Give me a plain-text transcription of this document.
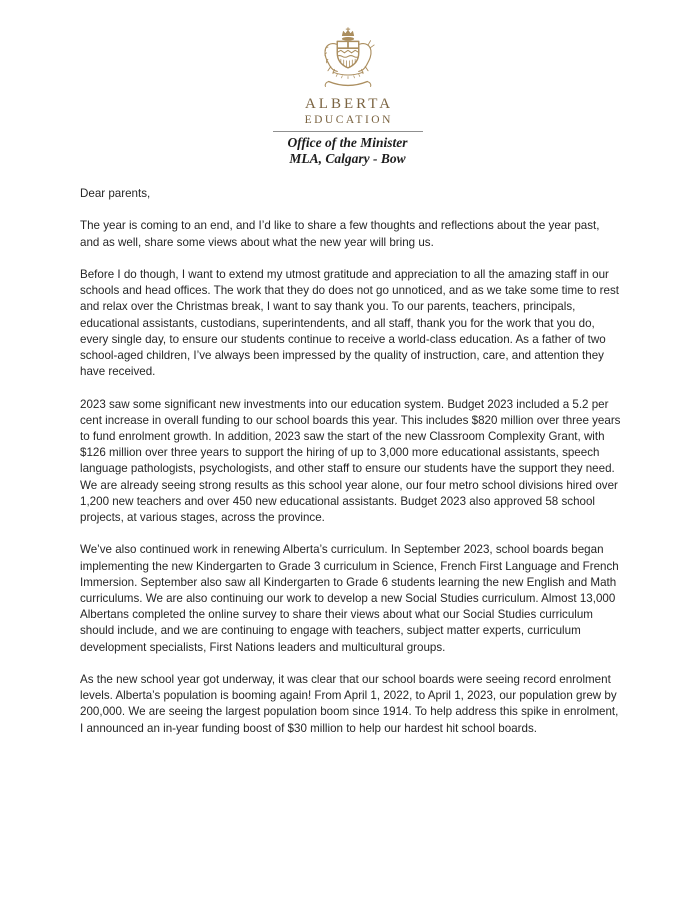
ALBERTA
EDUCATION
Office of the Minister
MLA, Calgary - Bow

Dear parents,

The year is coming to an end, and I’d like to share a few thoughts and reflections about the year past, and as well, share some views about what the new year will bring us.

Before I do though, I want to extend my utmost gratitude and appreciation to all the amazing staff in our schools and head offices. The work that they do does not go unnoticed, and as we take some time to rest and relax over the Christmas break, I want to say thank you. To our parents, teachers, principals, educational assistants, custodians, superintendents, and all staff, thank you for the work that you do, every single day, to ensure our students continue to receive a world-class education. As a father of two school-aged children, I’ve always been impressed by the quality of instruction, care, and attention they have received.

2023 saw some significant new investments into our education system. Budget 2023 included a 5.2 per cent increase in overall funding to our school boards this year. This includes $820 million over three years to fund enrolment growth. In addition, 2023 saw the start of the new Classroom Complexity Grant, with $126 million over three years to support the hiring of up to 3,000 more educational assistants, speech language pathologists, psychologists, and other staff to ensure our students have the support they need. We are already seeing strong results as this school year alone, our four metro school divisions hired over 1,200 new teachers and over 450 new educational assistants. Budget 2023 also approved 58 school projects, at various stages, across the province.

We’ve also continued work in renewing Alberta’s curriculum. In September 2023, school boards began implementing the new Kindergarten to Grade 3 curriculum in Science, French First Language and French Immersion. September also saw all Kindergarten to Grade 6 students learning the new English and Math curriculums. We are also continuing our work to develop a new Social Studies curriculum. Almost 13,000 Albertans completed the online survey to share their views about what our Social Studies curriculum should include, and we are continuing to engage with teachers, subject matter experts, curriculum development specialists, First Nations leaders and multicultural groups.

As the new school year got underway, it was clear that our school boards were seeing record enrolment levels. Alberta’s population is booming again! From April 1, 2022, to April 1, 2023, our population grew by 200,000. We are seeing the largest population boom since 1914. To help address this spike in enrolment, I announced an in-year funding boost of $30 million to help our hardest hit school boards.
